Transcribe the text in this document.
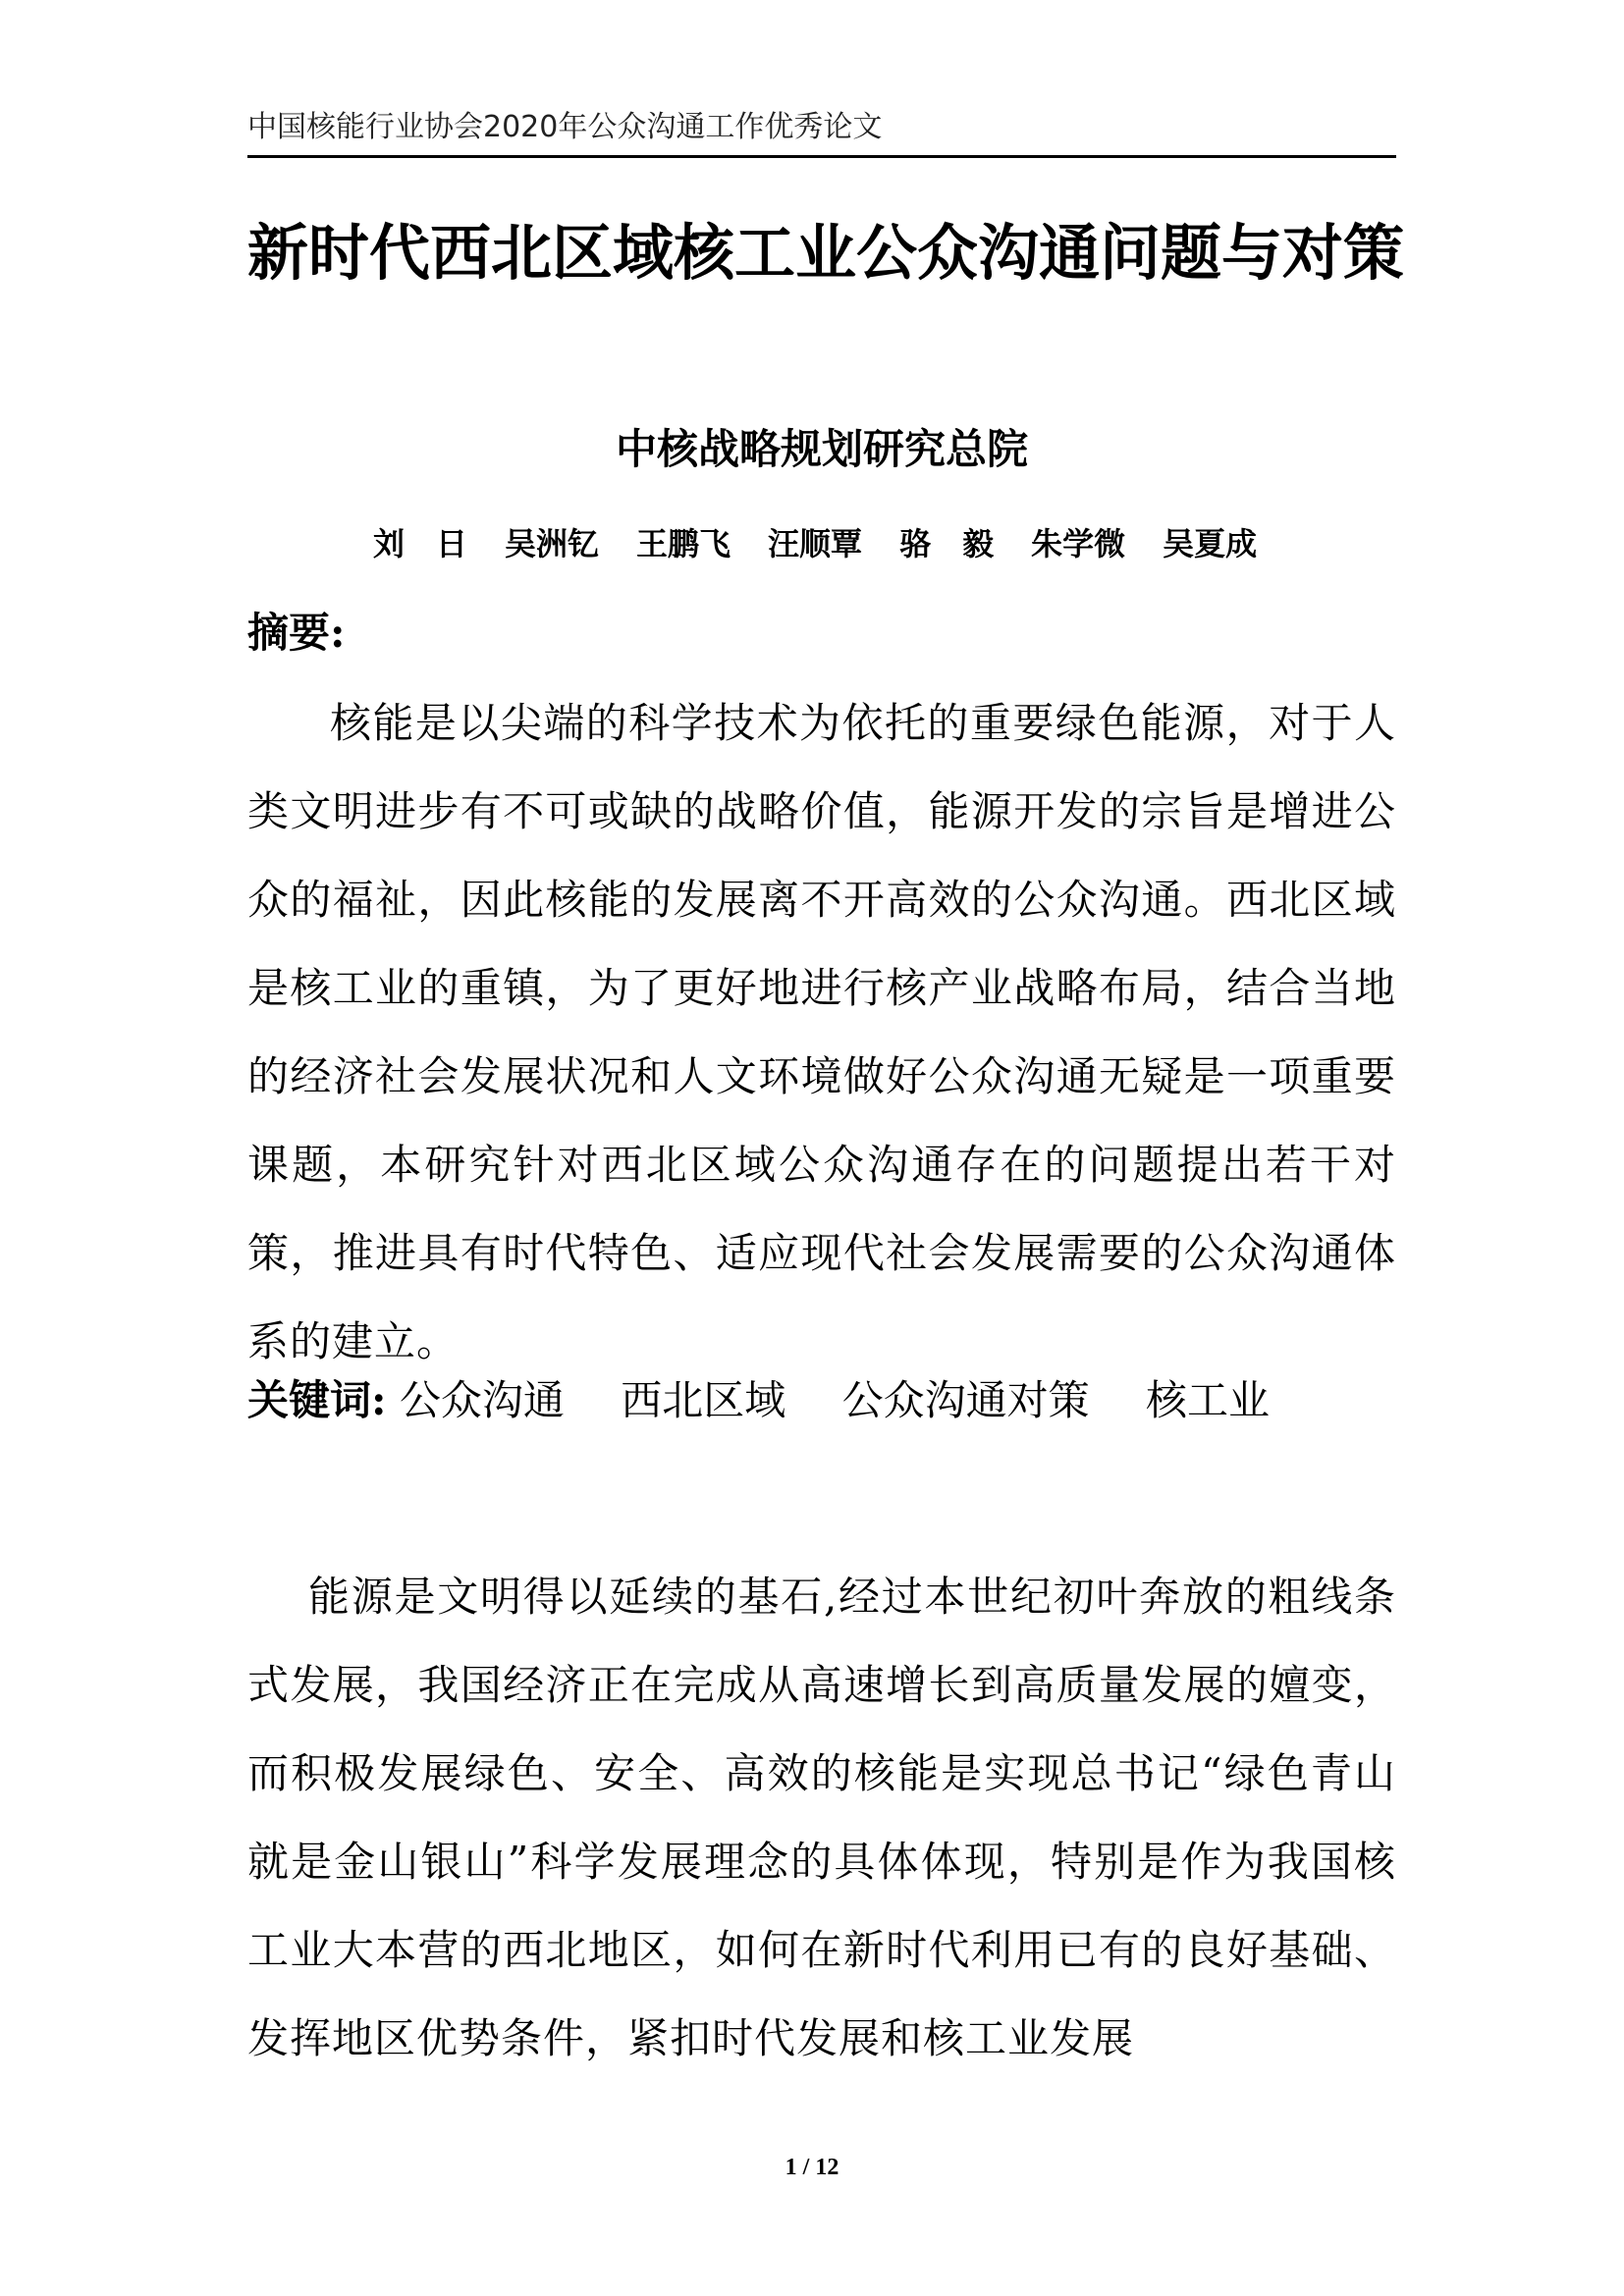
中国核能行业协会2020年公众沟通工作优秀论文
新时代西北区域核工业公众沟通问题与对策
中核战略规划研究总院
刘　日 吴洲钇 王鹏飞 汪顺覃 骆　毅 朱学微 吴夏成
摘要:

核能是以尖端的科学技术为依托的重要绿色能源，对于人类文明进步有不可或缺的战略价值，能源开发的宗旨是增进公众的福祉，因此核能的发展离不开高效的公众沟通。西北区域是核工业的重镇，为了更好地进行核产业战略布局，结合当地的经济社会发展状况和人文环境做好公众沟通无疑是一项重要课题，本研究针对西北区域公众沟通存在的问题提出若干对策，推进具有时代特色、适应现代社会发展需要的公众沟通体系的建立。

关键词: 公众沟通 西北区域 公众沟通对策 核工业

能源是文明得以延续的基石,经过本世纪初叶奔放的粗线条式发展，我国经济正在完成从高速增长到高质量发展的嬗变，而积极发展绿色、安全、高效的核能是实现总书记“绿色青山就是金山银山”科学发展理念的具体体现，特别是作为我国核工业大本营的西北地区，如何在新时代利用已有的良好基础、发挥地区优势条件，紧扣时代发展和核工业发展

1 / 12
